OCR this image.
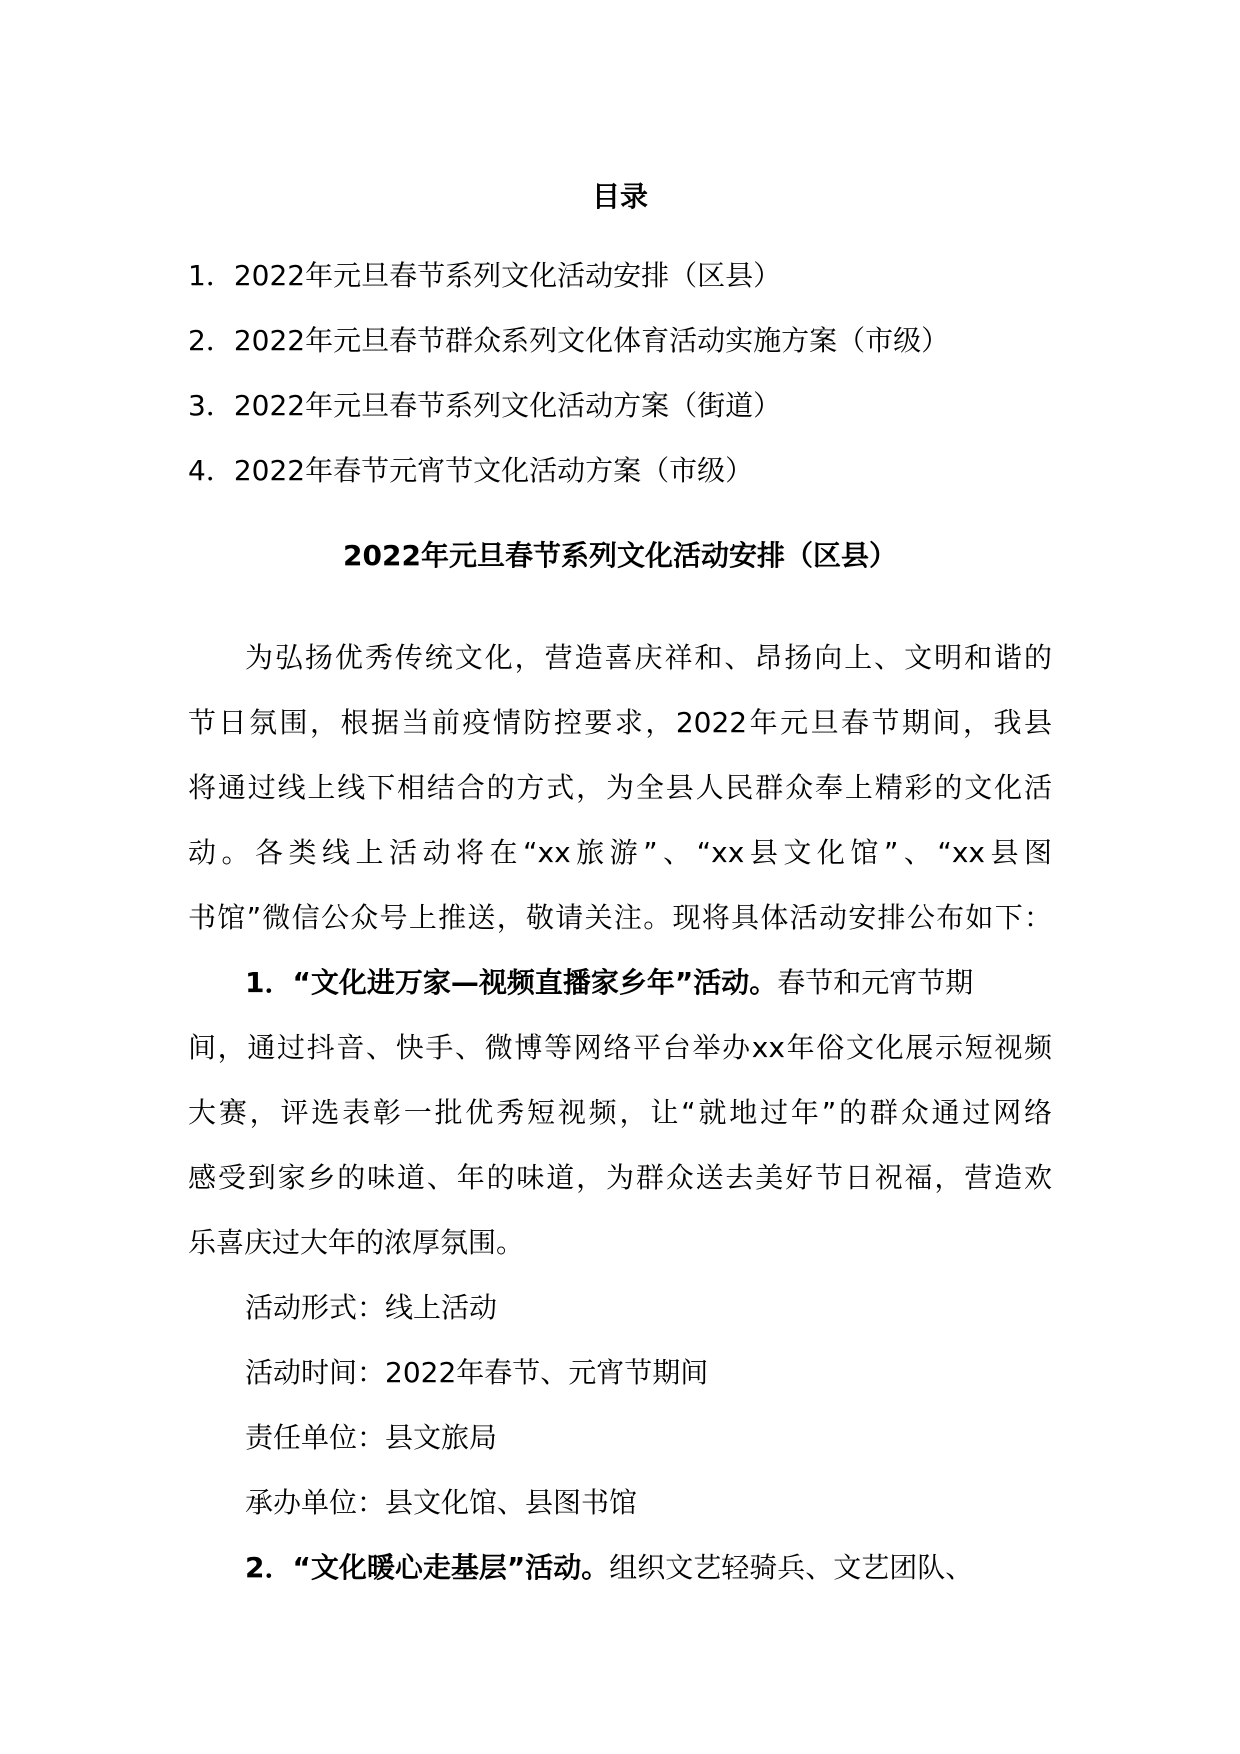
目录
1．2022年元旦春节系列文化活动安排（区县）
2．2022年元旦春节群众系列文化体育活动实施方案（市级）
3．2022年元旦春节系列文化活动方案（街道）
4．2022年春节元宵节文化活动方案（市级）
2022年元旦春节系列文化活动安排（区县）
为弘扬优秀传统文化，营造喜庆祥和、昂扬向上、文明和谐的
节日氛围，根据当前疫情防控要求，2022年元旦春节期间，我县
将通过线上线下相结合的方式，为全县人民群众奉上精彩的文化活
动。各类线上活动将在“xx旅游”、“xx县文化馆”、“xx县图
书馆”微信公众号上推送，敬请关注。现将具体活动安排公布如下：
1．“文化进万家—视频直播家乡年”活动。春节和元宵节期
间，通过抖音、快手、微博等网络平台举办xx年俗文化展示短视频
大赛，评选表彰一批优秀短视频，让“就地过年”的群众通过网络
感受到家乡的味道、年的味道，为群众送去美好节日祝福，营造欢
乐喜庆过大年的浓厚氛围。
活动形式：线上活动
活动时间：2022年春节、元宵节期间
责任单位：县文旅局
承办单位：县文化馆、县图书馆
2．“文化暖心走基层”活动。组织文艺轻骑兵、文艺团队、
